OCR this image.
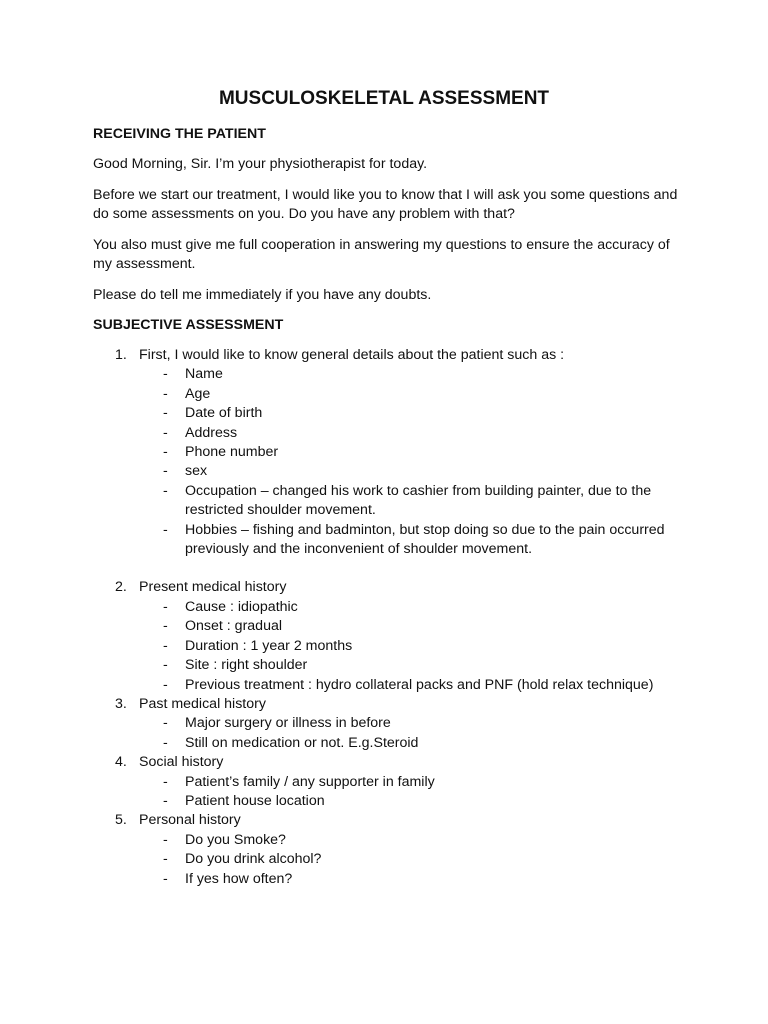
MUSCULOSKELETAL ASSESSMENT

RECEIVING THE PATIENT

Good Morning, Sir. I’m your physiotherapist for today.

Before we start our treatment, I would like you to know that I will ask you some questions and do some assessments on you. Do you have any problem with that?

You also must give me full cooperation in answering my questions to ensure the accuracy of my assessment.

Please do tell me immediately if you have any doubts.

SUBJECTIVE ASSESSMENT

1. First, I would like to know general details about the patient such as :
- Name
- Age
- Date of birth
- Address
- Phone number
- sex
- Occupation – changed his work to cashier from building painter, due to the restricted shoulder movement.
- Hobbies – fishing and badminton, but stop doing so due to the pain occurred previously and the inconvenient of shoulder movement.
2. Present medical history
- Cause : idiopathic
- Onset : gradual
- Duration : 1 year 2 months
- Site : right shoulder
- Previous treatment : hydro collateral packs and PNF (hold relax technique)
3. Past medical history
- Major surgery or illness in before
- Still on medication or not. E.g.Steroid
4. Social history
- Patient’s family / any supporter in family
- Patient house location
5. Personal history
- Do you Smoke?
- Do you drink alcohol?
- If yes how often?
